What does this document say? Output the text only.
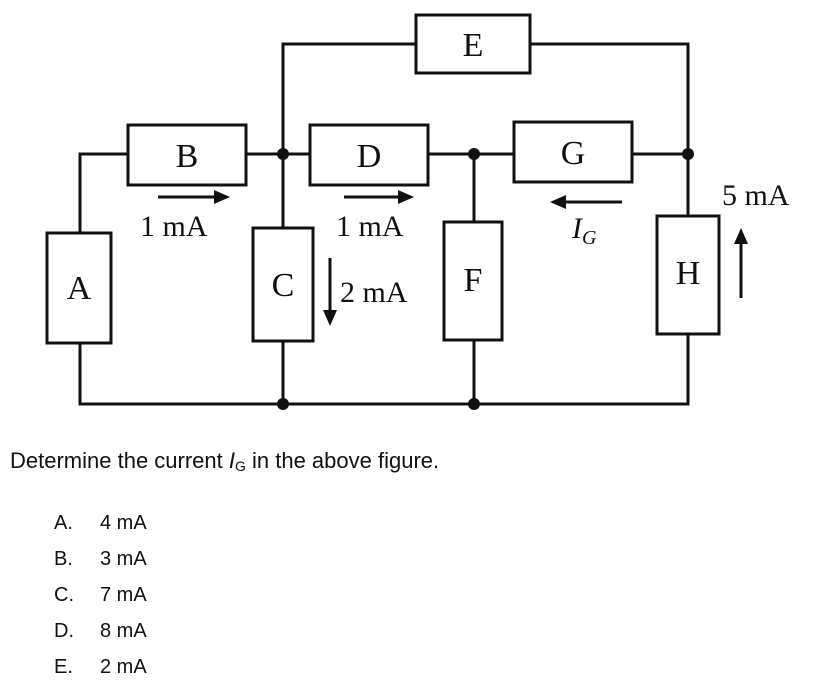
E
B	D	G
A	C	F	H
1 mA	1 mA	$I_G$
2 mA
5 mA
Determine the current $I_G$ in the above figure.
A. 4 mA
B. 3 mA
C. 7 mA
D. 8 mA
E. 2 mA
